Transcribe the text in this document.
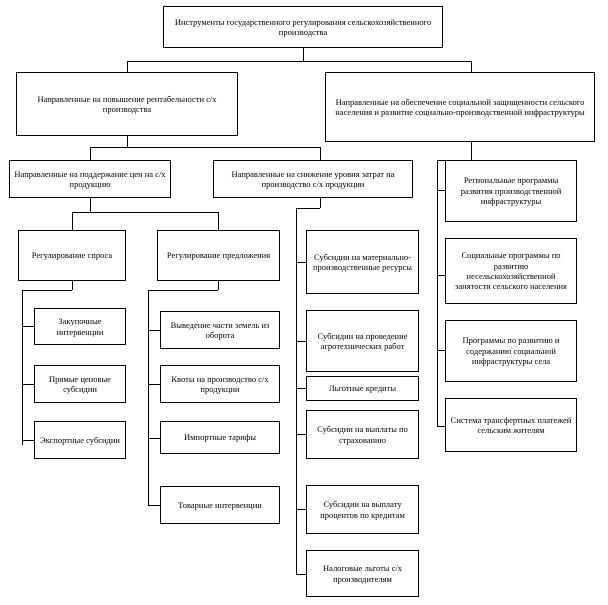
Инструменты государственного регулирования сельскохозяйственного производства
Направленные на повышение рентабельности с/х производства
Направленные на обеспечение социальной защищенности сельского населения и развитие социально-производственной инфраструктуры
Направленные на поддержание цен на с/х продукцию
Направленные на снижение уровня затрат на производство с/х продукции
Регулирование спроса	Регулирование предложения
Закупочные интервенции
Прямые ценовые субсидии
Экспортные субсидии
Выведение части земель из оборота
Квоты на производство с/х продукции
Импортные тарифы
Товарные интервенции
Субсидии на материально-производственные ресурсы
Субсидии на проведение агротехнических работ
Льготные кредиты
Субсидии на выплаты по страхованию
Субсидии на выплату процентов по кредитам
Налоговые льготы с/х производителям
Региональные программы развития производственной инфраструктуры
Социальные программы по развитию несельскохозяйственной занятости сельского населения
Программы по развитию и содержанию социальной инфраструктуры села
Система трансфертных платежей сельским жителям
